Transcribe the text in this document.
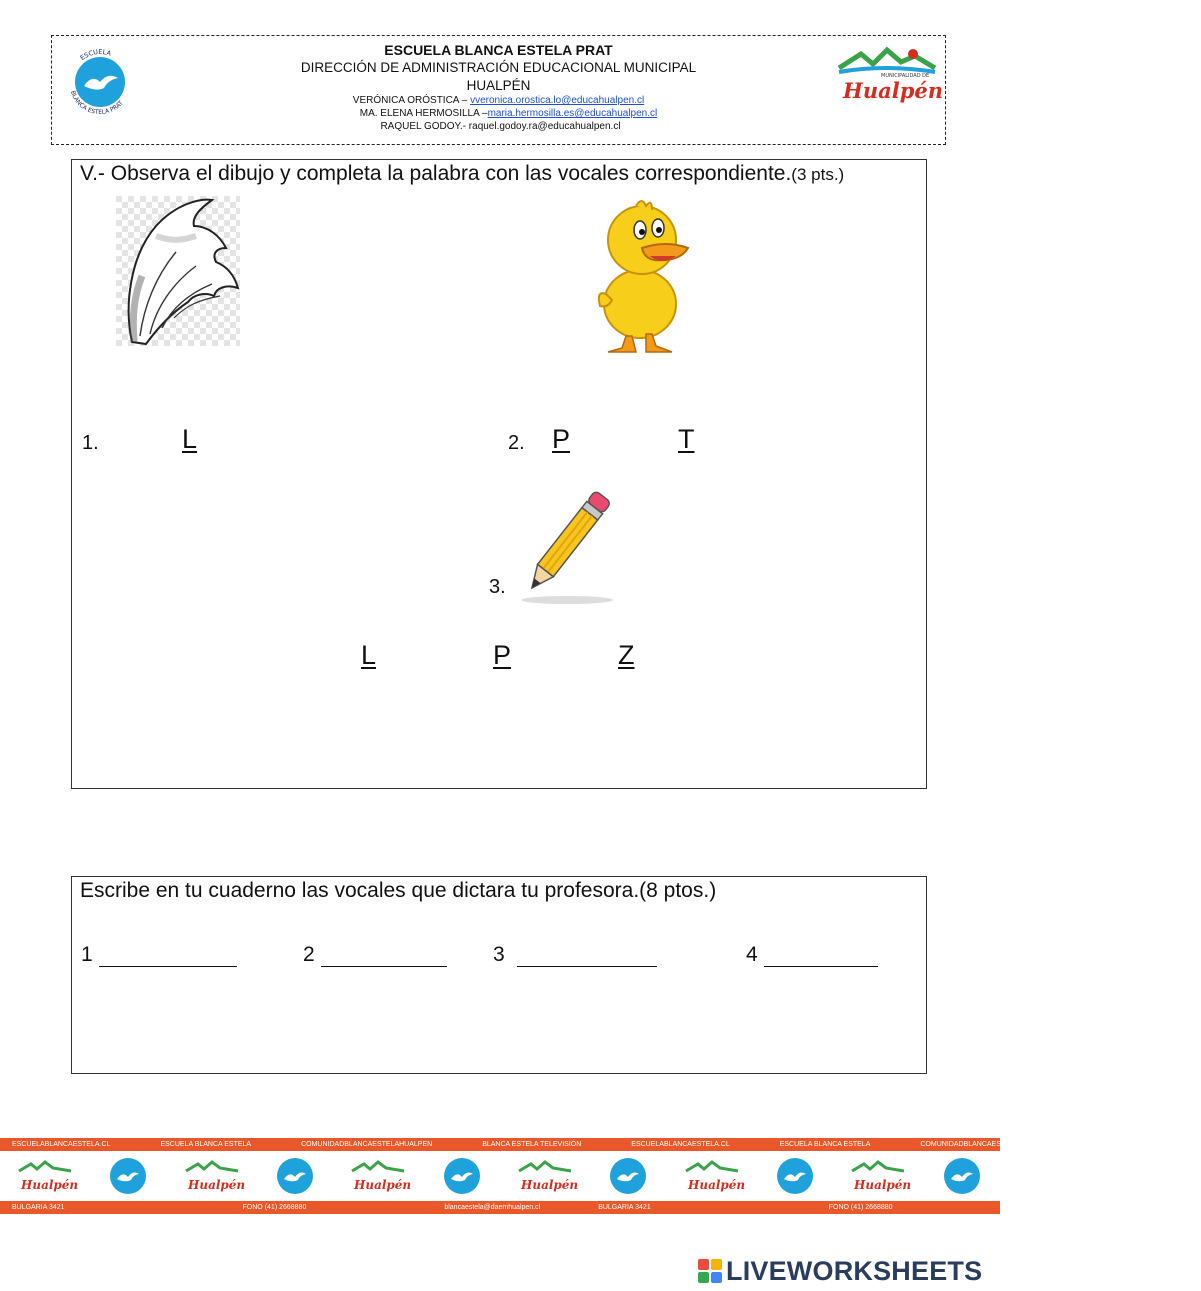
ESCUELA
BLANCA ESTELA PRAT
ESCUELA BLANCA ESTELA PRAT
DIRECCIÓN DE ADMINISTRACIÓN EDUCACIONAL MUNICIPAL
HUALPÉN
VERÓNICA ORÓSTICA – vveronica.orostica.lo@educahualpen.cl
MA. ELENA HERMOSILLA –maria.hermosilla.es@educahualpen.cl
RAQUEL GODOY.- raquel.godoy.ra@educahualpen.cl
MUNICIPALIDAD DE
Hualpén
V.- Observa el dibujo y completa la palabra con las vocales correspondiente.(3 pts.)
1.	L	2. P	T
3.
L	P	Z
Escribe en tu cuaderno las vocales que dictara tu profesora.(8 ptos.)
1	2	3	4
ESCUELABLANCAESTELA.CL	ESCUELA BLANCA ESTELA	COMUNIDADBLANCAESTELAHUALPEN	BLANCA ESTELA TELEVISIÓN	ESCUELABLANCAESTELA.CL	ESCUELA BLANCA ESTELA	COMUNIDADBLANCAESTELAHUALPEN	BLANCA ESTELA TELEVISIÓN
Hualpén	Hualpén	Hualpén	Hualpén	Hualpén	Hualpén
BULGARIA 3421	FONO (41) 2668880	blancaestela@daemhualpen.cl	BULGARIA 3421	FONO (41) 2668880	blancaestela@daemhualpen.cl
LIVEWORKSHEETS
